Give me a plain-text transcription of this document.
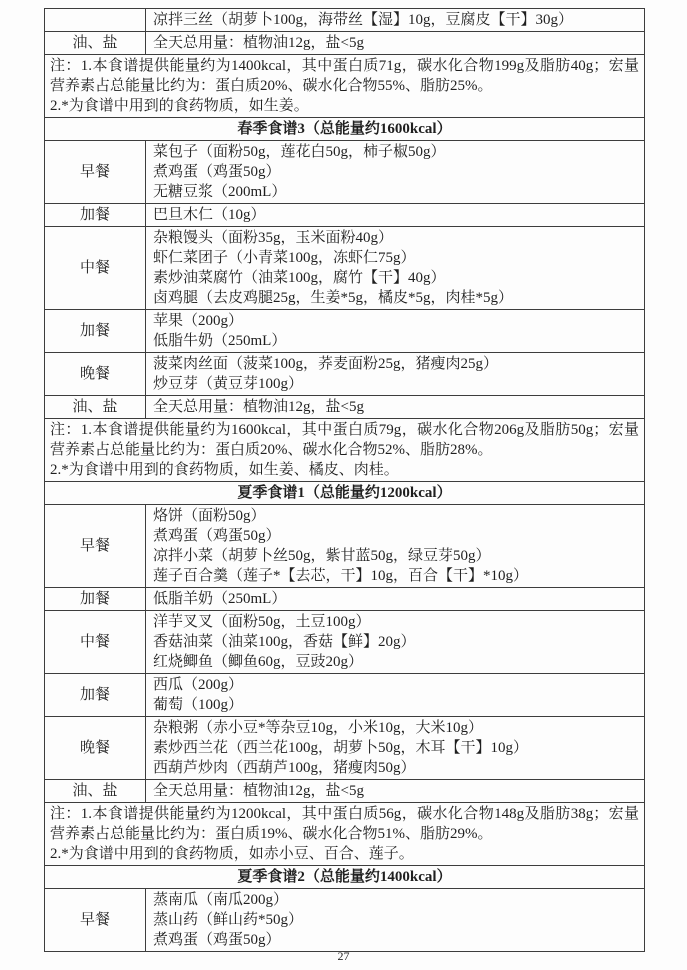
	凉拌三丝（胡萝卜100g，海带丝【湿】10g，豆腐皮【干】30g）

油、盐	全天总用量：植物油12g，盐<5g

注：1.本食谱提供能量约为1400kcal，其中蛋白质71g，碳水化合物199g及脂肪40g；宏量营养素占总能量比约为：蛋白质20%、碳水化合物55%、脂肪25%。
2.*为食谱中用到的食药物质，如生姜。	

春季食谱3（总能量约1600kcal）	
早餐	菜包子（面粉50g，莲花白50g，柿子椒50g）
煮鸡蛋（鸡蛋50g）
无糖豆浆（200mL）

加餐	巴旦木仁（10g）

中餐	杂粮馒头（面粉35g，玉米面粉40g）
虾仁菜团子（小青菜100g，冻虾仁75g）
素炒油菜腐竹（油菜100g，腐竹【干】40g）
卤鸡腿（去皮鸡腿25g，生姜*5g，橘皮*5g，肉桂*5g）

加餐	苹果（200g）
低脂牛奶（250mL）

晚餐	菠菜肉丝面（菠菜100g，荞麦面粉25g，猪瘦肉25g）
炒豆芽（黄豆芽100g）

油、盐	全天总用量：植物油12g，盐<5g

注：1.本食谱提供能量约为1600kcal，其中蛋白质79g，碳水化合物206g及脂肪50g；宏量营养素占总能量比约为：蛋白质20%、碳水化合物52%、脂肪28%。
2.*为食谱中用到的食药物质，如生姜、橘皮、肉桂。	

夏季食谱1（总能量约1200kcal）	
早餐	烙饼（面粉50g）
煮鸡蛋（鸡蛋50g）
凉拌小菜（胡萝卜丝50g，紫甘蓝50g，绿豆芽50g）
莲子百合羹（莲子*【去芯，干】10g，百合【干】*10g）

加餐	低脂羊奶（250mL）

中餐	洋芋叉叉（面粉50g，土豆100g）
香菇油菜（油菜100g，香菇【鲜】20g）
红烧鲫鱼（鲫鱼60g，豆豉20g）

加餐	西瓜（200g）
葡萄（100g）

晚餐	杂粮粥（赤小豆*等杂豆10g，小米10g，大米10g）
素炒西兰花（西兰花100g，胡萝卜50g，木耳【干】10g）
西葫芦炒肉（西葫芦100g，猪瘦肉50g）

油、盐	全天总用量：植物油12g，盐<5g

注：1.本食谱提供能量约为1200kcal，其中蛋白质56g，碳水化合物148g及脂肪38g；宏量营养素占总能量比约为：蛋白质19%、碳水化合物51%、脂肪29%。
2.*为食谱中用到的食药物质，如赤小豆、百合、莲子。	

夏季食谱2（总能量约1400kcal）	
早餐	蒸南瓜（南瓜200g）
蒸山药（鲜山药*50g）
煮鸡蛋（鸡蛋50g）
27
